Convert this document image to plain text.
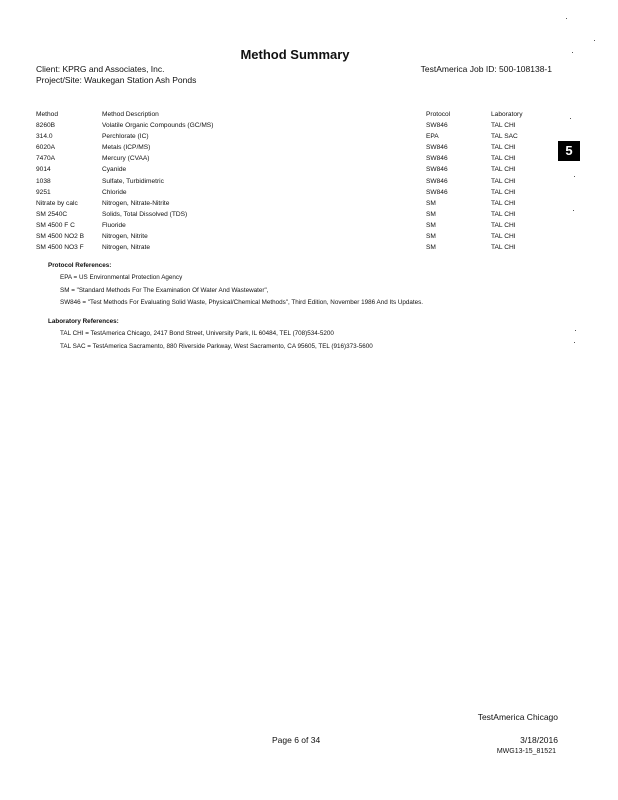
Method Summary
Client: KPRG and Associates, Inc.
Project/Site: Waukegan Station Ash Ponds
TestAmerica Job ID: 500-108138-1
5
Method	Method Description	Protocol	Laboratory
8260B	Volatile Organic Compounds (GC/MS)	SW846	TAL CHI
314.0	Perchlorate (IC)	EPA	TAL SAC
6020A	Metals (ICP/MS)	SW846	TAL CHI
7470A	Mercury (CVAA)	SW846	TAL CHI
9014	Cyanide	SW846	TAL CHI
1038	Sulfate, Turbidimetric	SW846	TAL CHI
9251	Chloride	SW846	TAL CHI
Nitrate by calc	Nitrogen, Nitrate-Nitrite	SM	TAL CHI
SM 2540C	Solids, Total Dissolved (TDS)	SM	TAL CHI
SM 4500 F C	Fluoride	SM	TAL CHI
SM 4500 NO2 B	Nitrogen, Nitrite	SM	TAL CHI
SM 4500 NO3 F	Nitrogen, Nitrate	SM	TAL CHI
Protocol References:
EPA = US Environmental Protection Agency
SM = "Standard Methods For The Examination Of Water And Wastewater",
SW846 = "Test Methods For Evaluating Solid Waste, Physical/Chemical Methods", Third Edition, November 1986 And Its Updates.
Laboratory References:
TAL CHI = TestAmerica Chicago, 2417 Bond Street, University Park, IL 60484, TEL (708)534-5200
TAL SAC = TestAmerica Sacramento, 880 Riverside Parkway, West Sacramento, CA 95605, TEL (916)373-5600
TestAmerica Chicago
Page 6 of 34	3/18/2016
MWG13-15_81521
